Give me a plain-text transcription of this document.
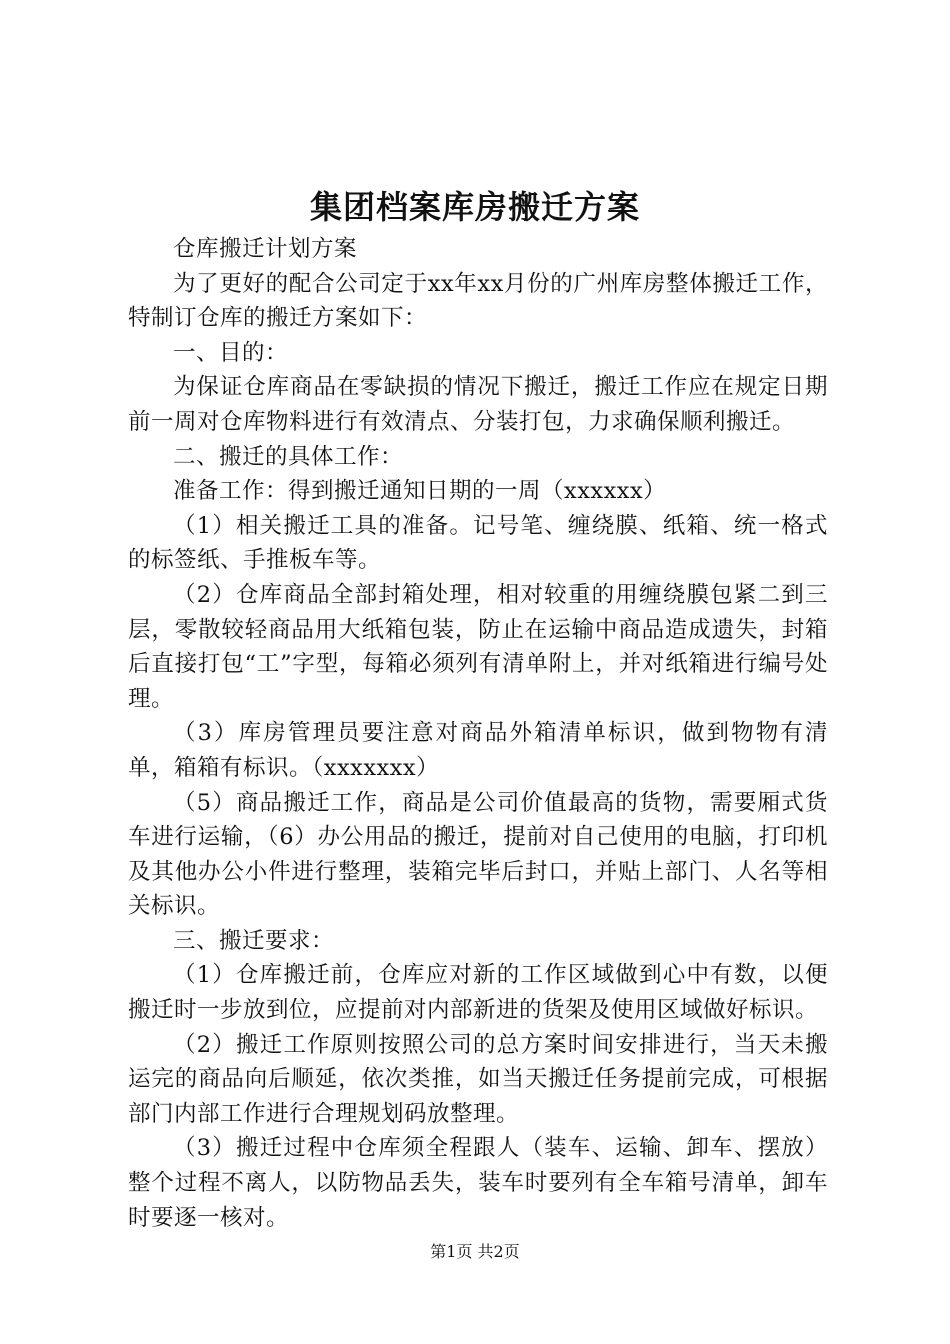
集团档案库房搬迁方案

仓库搬迁计划方案

为了更好的配合公司定于xx年xx月份的广州库房整体搬迁工作，特制订仓库的搬迁方案如下：

一、目的：

为保证仓库商品在零缺损的情况下搬迁，搬迁工作应在规定日期前一周对仓库物料进行有效清点、分装打包，力求确保顺利搬迁。

二、搬迁的具体工作：

准备工作：得到搬迁通知日期的一周（xxxxxx）

（1）相关搬迁工具的准备。记号笔、缠绕膜、纸箱、统一格式的标签纸、手推板车等。

（2）仓库商品全部封箱处理，相对较重的用缠绕膜包紧二到三层，零散较轻商品用大纸箱包装，防止在运输中商品造成遗失，封箱后直接打包“工”字型，每箱必须列有清单附上，并对纸箱进行编号处理。

（3）库房管理员要注意对商品外箱清单标识，做到物物有清单，箱箱有标识。（xxxxxxx）

（5）商品搬迁工作，商品是公司价值最高的货物，需要厢式货车进行运输，（6）办公用品的搬迁，提前对自己使用的电脑，打印机及其他办公小件进行整理，装箱完毕后封口，并贴上部门、人名等相关标识。

三、搬迁要求：

（1）仓库搬迁前，仓库应对新的工作区域做到心中有数，以便搬迁时一步放到位，应提前对内部新进的货架及使用区域做好标识。

（2）搬迁工作原则按照公司的总方案时间安排进行，当天未搬运完的商品向后顺延，依次类推，如当天搬迁任务提前完成，可根据部门内部工作进行合理规划码放整理。

（3）搬迁过程中仓库须全程跟人（装车、运输、卸车、摆放）整个过程不离人，以防物品丢失，装车时要列有全车箱号清单，卸车时要逐一核对。

第1页 共2页
